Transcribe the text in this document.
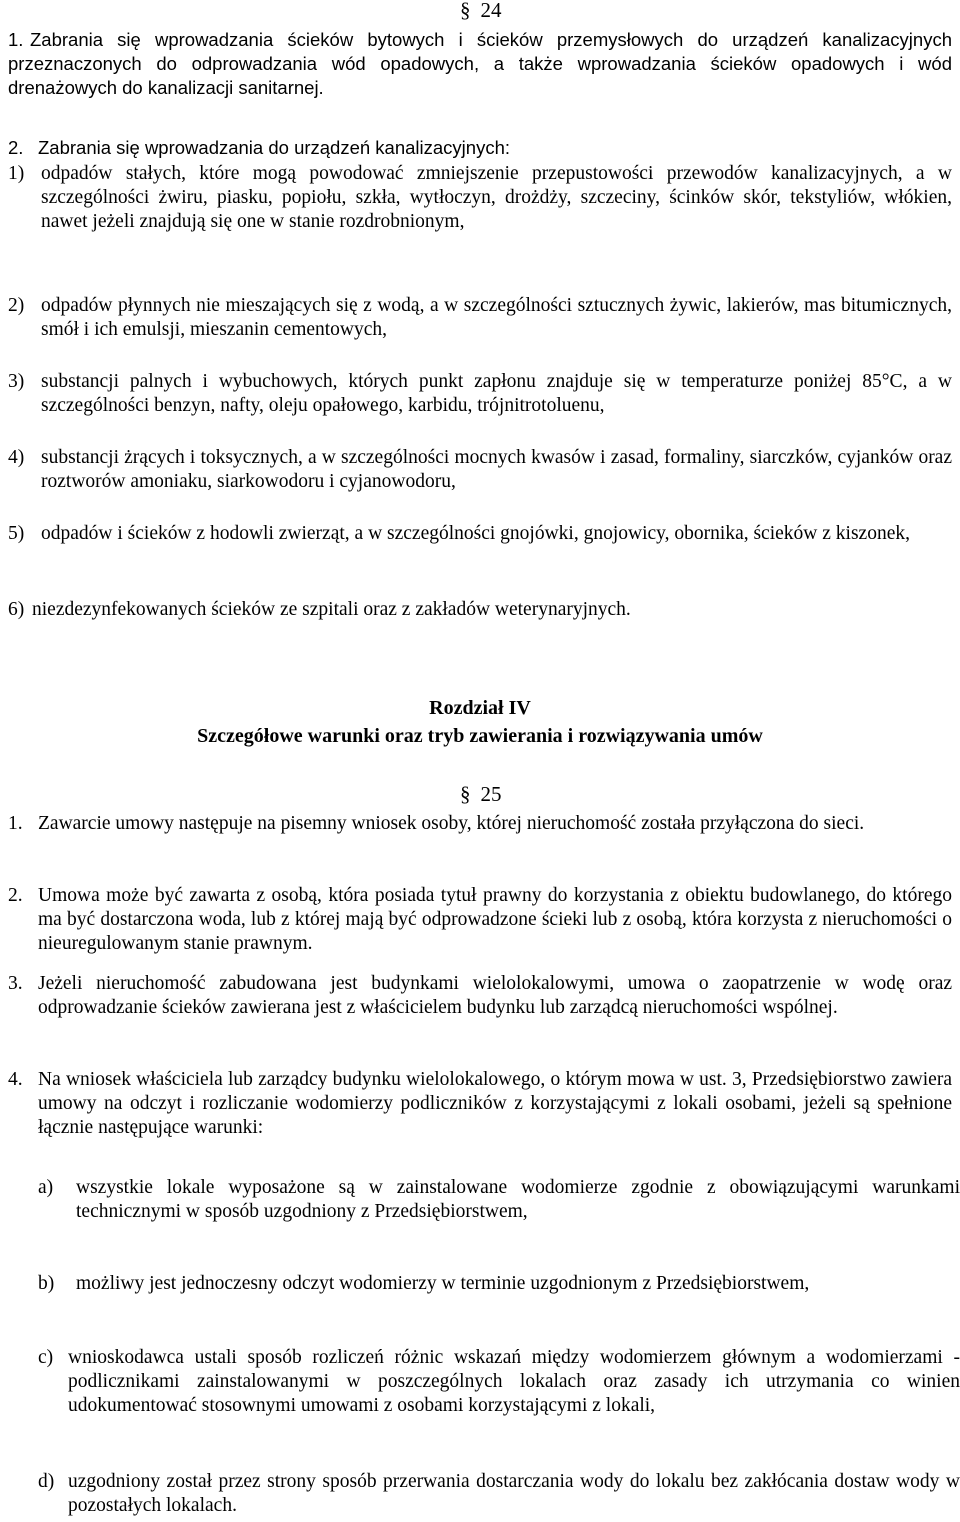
§ 24
1. Zabrania się wprowadzania ścieków bytowych i ścieków przemysłowych do urządzeń kanalizacyjnych przeznaczonych do odprowadzania wód opadowych, a także wprowadzania ścieków opadowych i wód drenażowych do kanalizacji sanitarnej.
2. Zabrania się wprowadzania do urządzeń kanalizacyjnych:
1) odpadów stałych, które mogą powodować zmniejszenie przepustowości przewodów kanalizacyjnych, a w szczególności żwiru, piasku, popiołu, szkła, wytłoczyn, drożdży, szczeciny, ścinków skór, tekstyliów, włókien, nawet jeżeli znajdują się one w stanie rozdrobnionym,
2) odpadów płynnych nie mieszających się z wodą, a w szczególności sztucznych żywic, lakierów, mas bitumicznych, smół i ich emulsji, mieszanin cementowych,
3) substancji palnych i wybuchowych, których punkt zapłonu znajduje się w temperaturze poniżej 85°C, a w szczególności benzyn, nafty, oleju opałowego, karbidu, trójnitrotoluenu,
4) substancji żrących i toksycznych, a w szczególności mocnych kwasów i zasad, formaliny, siarczków, cyjanków oraz roztworów amoniaku, siarkowodoru i cyjanowodoru,
5) odpadów i ścieków z hodowli zwierząt, a w szczególności gnojówki, gnojowicy, obornika, ścieków z kiszonek,
6) niezdezynfekowanych ścieków ze szpitali oraz z zakładów weterynaryjnych.
Rozdział IV
Szczegółowe warunki oraz tryb zawierania i rozwiązywania umów
§ 25
1. Zawarcie umowy następuje na pisemny wniosek osoby, której nieruchomość została przyłączona do sieci.
2. Umowa może być zawarta z osobą, która posiada tytuł prawny do korzystania z obiektu budowlanego, do którego ma być dostarczona woda, lub z której mają być odprowadzone ścieki lub z osobą, która korzysta z nieruchomości o nieuregulowanym stanie prawnym.
3. Jeżeli nieruchomość zabudowana jest budynkami wielolokalowymi, umowa o zaopatrzenie w wodę oraz odprowadzanie ścieków zawierana jest z właścicielem budynku lub zarządcą nieruchomości wspólnej.
4. Na wniosek właściciela lub zarządcy budynku wielolokalowego, o którym mowa w ust. 3, Przedsiębiorstwo zawiera umowy na odczyt i rozliczanie wodomierzy podliczników z korzystającymi z lokali osobami, jeżeli są spełnione łącznie następujące warunki:
a)	wszystkie lokale wyposażone są w zainstalowane wodomierze zgodnie z obowiązującymi warunkami technicznymi w sposób uzgodniony z Przedsiębiorstwem,
b)	możliwy jest jednoczesny odczyt wodomierzy w terminie uzgodnionym z Przedsiębiorstwem,
c) wnioskodawca ustali sposób rozliczeń różnic wskazań między wodomierzem głównym a wodomierzami - podlicznikami zainstalowanymi w poszczególnych lokalach oraz zasady ich utrzymania co winien udokumentować stosownymi umowami z osobami korzystającymi z lokali,
d) uzgodniony został przez strony sposób przerwania dostarczania wody do lokalu bez zakłócania dostaw wody w pozostałych lokalach.
